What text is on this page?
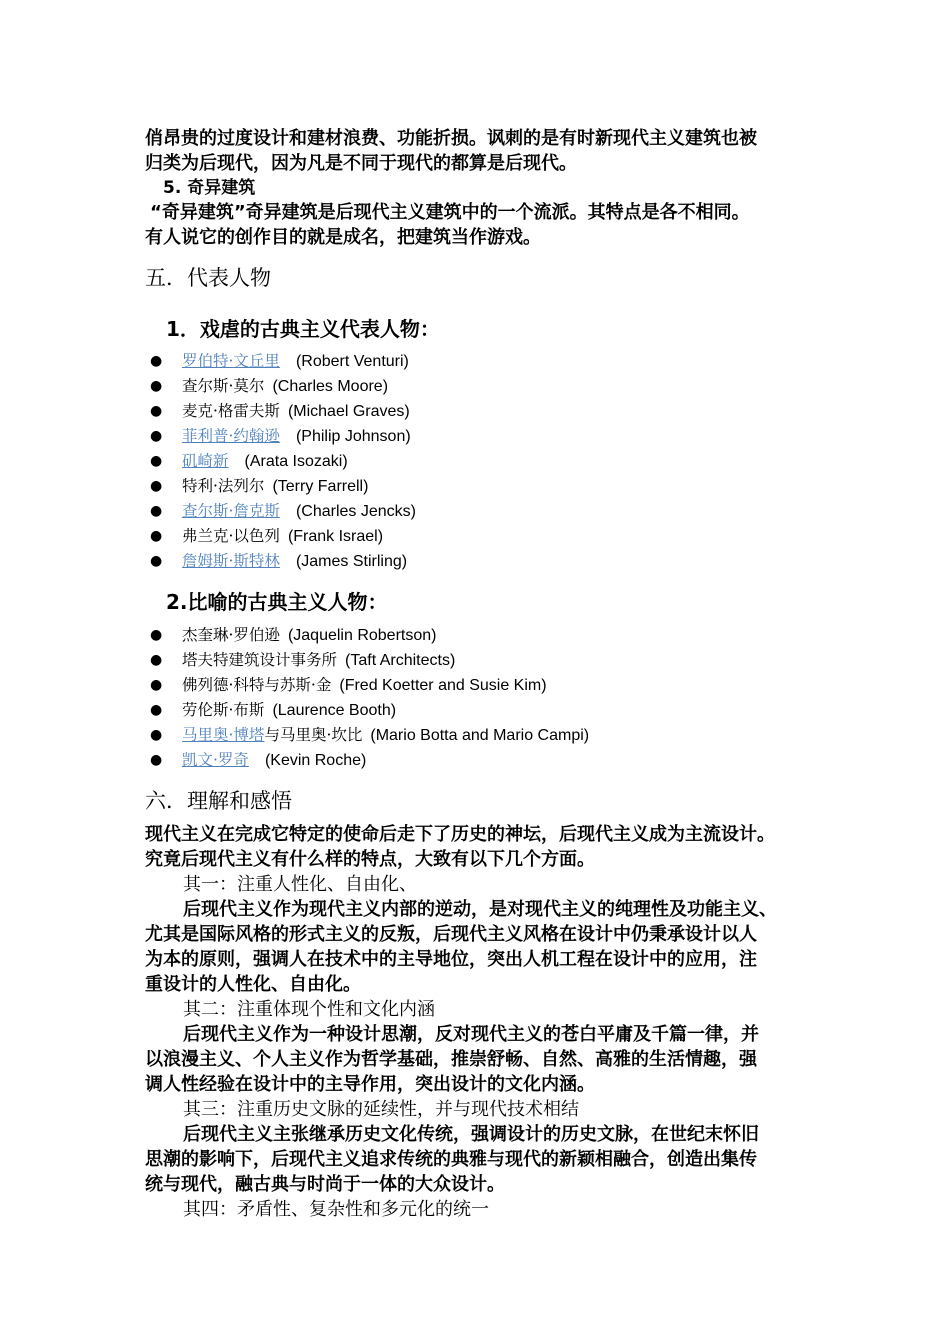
俏昂贵的过度设计和建材浪费、功能折损。讽刺的是有时新现代主义建筑也被
归类为后现代，因为凡是不同于现代的都算是后现代。
5. 奇异建筑
“奇异建筑”奇异建筑是后现代主义建筑中的一个流派。其特点是各不相同。
有人说它的创作目的就是成名，把建筑当作游戏。
五．代表人物
1．戏虐的古典主义代表人物：
● 罗伯特·文丘里 (Robert Venturi)
● 查尔斯·莫尔 (Charles Moore)
● 麦克·格雷夫斯 (Michael Graves)
● 菲利普·约翰逊 (Philip Johnson)
● 矶崎新 (Arata Isozaki)
● 特利·法列尔 (Terry Farrell)
● 查尔斯·詹克斯 (Charles Jencks)
● 弗兰克·以色列 (Frank Israel)
● 詹姆斯·斯特林 (James Stirling)
2.比喻的古典主义人物：
● 杰奎琳·罗伯逊 (Jaquelin Robertson)
● 塔夫特建筑设计事务所 (Taft Architects)
● 佛列德·科特与苏斯·金 (Fred Koetter and Susie Kim)
● 劳伦斯·布斯 (Laurence Booth)
● 马里奥·博塔与马里奥·坎比 (Mario Botta and Mario Campi)
● 凯文·罗奇 (Kevin Roche)
六．理解和感悟
现代主义在完成它特定的使命后走下了历史的神坛，后现代主义成为主流设计。
究竟后现代主义有什么样的特点，大致有以下几个方面。
其一：注重人性化、自由化、
后现代主义作为现代主义内部的逆动，是对现代主义的纯理性及功能主义、
尤其是国际风格的形式主义的反叛，后现代主义风格在设计中仍秉承设计以人
为本的原则，强调人在技术中的主导地位，突出人机工程在设计中的应用，注
重设计的人性化、自由化。
其二：注重体现个性和文化内涵
后现代主义作为一种设计思潮，反对现代主义的苍白平庸及千篇一律，并
以浪漫主义、个人主义作为哲学基础，推崇舒畅、自然、高雅的生活情趣，强
调人性经验在设计中的主导作用，突出设计的文化内涵。
其三：注重历史文脉的延续性，并与现代技术相结
后现代主义主张继承历史文化传统，强调设计的历史文脉，在世纪末怀旧
思潮的影响下，后现代主义追求传统的典雅与现代的新颖相融合，创造出集传
统与现代，融古典与时尚于一体的大众设计。
其四：矛盾性、复杂性和多元化的统一
